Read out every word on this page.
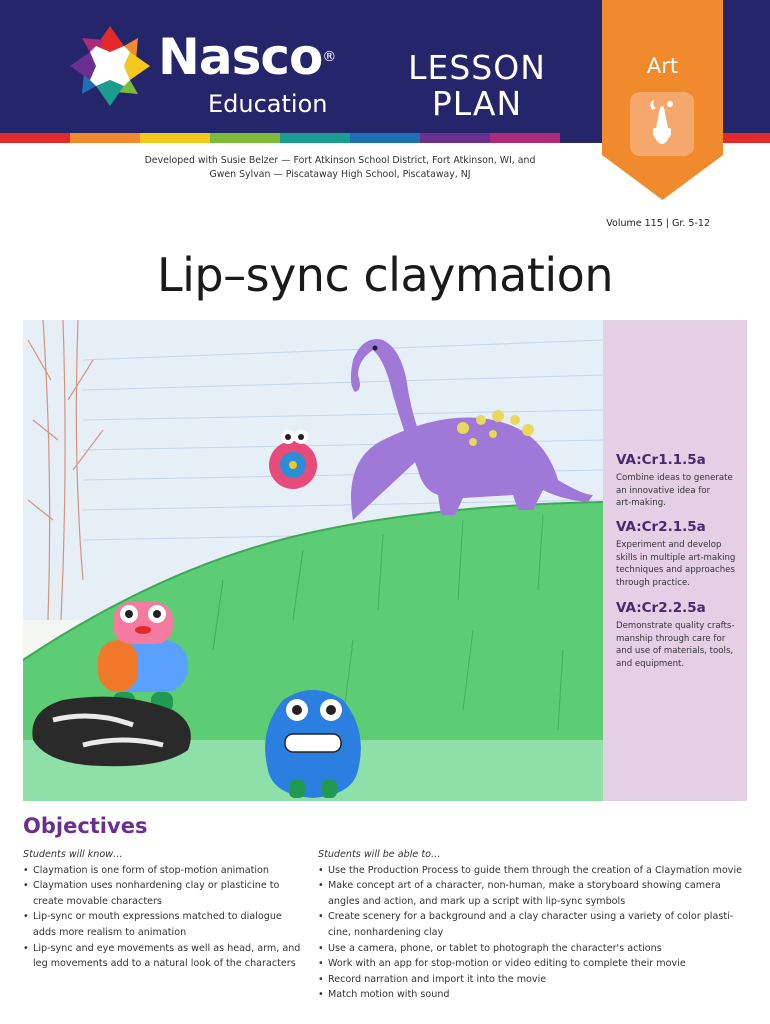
Nasco®
Education
LESSON
PLAN
Art
Developed with Susie Belzer — Fort Atkinson School District, Fort Atkinson, WI, and
Gwen Sylvan — Piscataway High School, Piscataway, NJ
Volume 115 | Gr. 5-12
Lip–sync claymation
VA:Cr1.1.5a
Combine ideas to generate
an innovative idea for
art-making.
VA:Cr2.1.5a
Experiment and develop
skills in multiple art-making
techniques and approaches
through practice.
VA:Cr2.2.5a
Demonstrate quality crafts-
manship through care for
and use of materials, tools,
and equipment.
Objectives
Students will know…
• Claymation is one form of stop-motion animation
• Claymation uses nonhardening clay or plasticine to
create movable characters
• Lip-sync or mouth expressions matched to dialogue
adds more realism to animation
• Lip-sync and eye movements as well as head, arm, and
leg movements add to a natural look of the characters
Students will be able to…
• Use the Production Process to guide them through the creation of a Claymation movie
• Make concept art of a character, non-human, make a storyboard showing camera
angles and action, and mark up a script with lip-sync symbols
• Create scenery for a background and a clay character using a variety of color plasti-
cine, nonhardening clay
• Use a camera, phone, or tablet to photograph the character's actions
• Work with an app for stop-motion or video editing to complete their movie
• Record narration and import it into the movie
• Match motion with sound
